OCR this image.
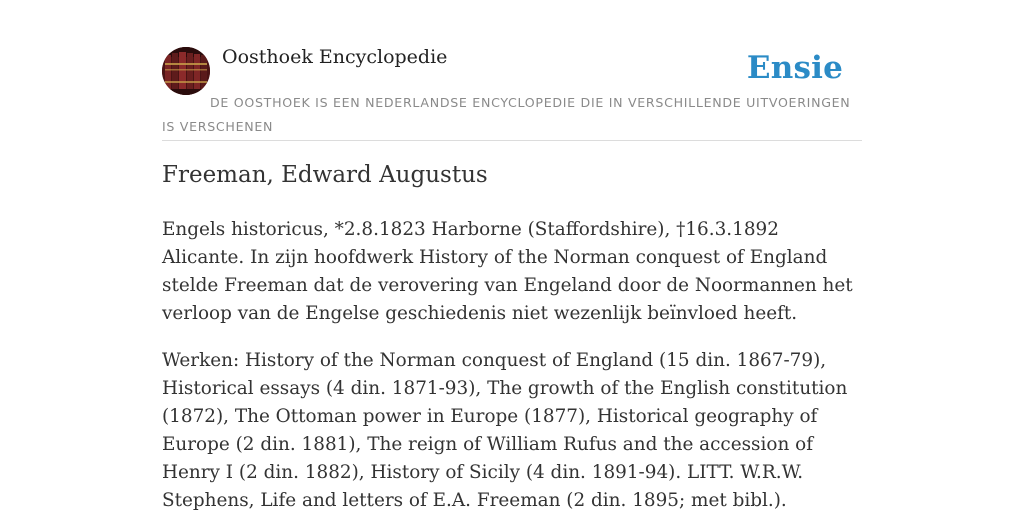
Oosthoek Encyclopedie	Ensie
DE OOSTHOEK IS EEN NEDERLANDSE ENCYCLOPEDIE DIE IN VERSCHILLENDE UITVOERINGEN IS VERSCHENEN
Freeman, Edward Augustus

Engels historicus, *2.8.1823 Harborne (Staffordshire), †16.3.1892 Alicante. In zijn hoofdwerk History of the Norman conquest of England stelde Freeman dat de verovering van Engeland door de Noormannen het verloop van de Engelse geschiedenis niet wezenlijk beïnvloed heeft.

Werken: History of the Norman conquest of England (15 din. 1867-79), Historical essays (4 din. 1871-93), The growth of the English constitution (1872), The Ottoman power in Europe (1877), Historical geography of Europe (2 din. 1881), The reign of William Rufus and the accession of Henry I (2 din. 1882), History of Sicily (4 din. 1891-94). LITT. W.R.W. Stephens, Life and letters of E.A. Freeman (2 din. 1895; met bibl.).
